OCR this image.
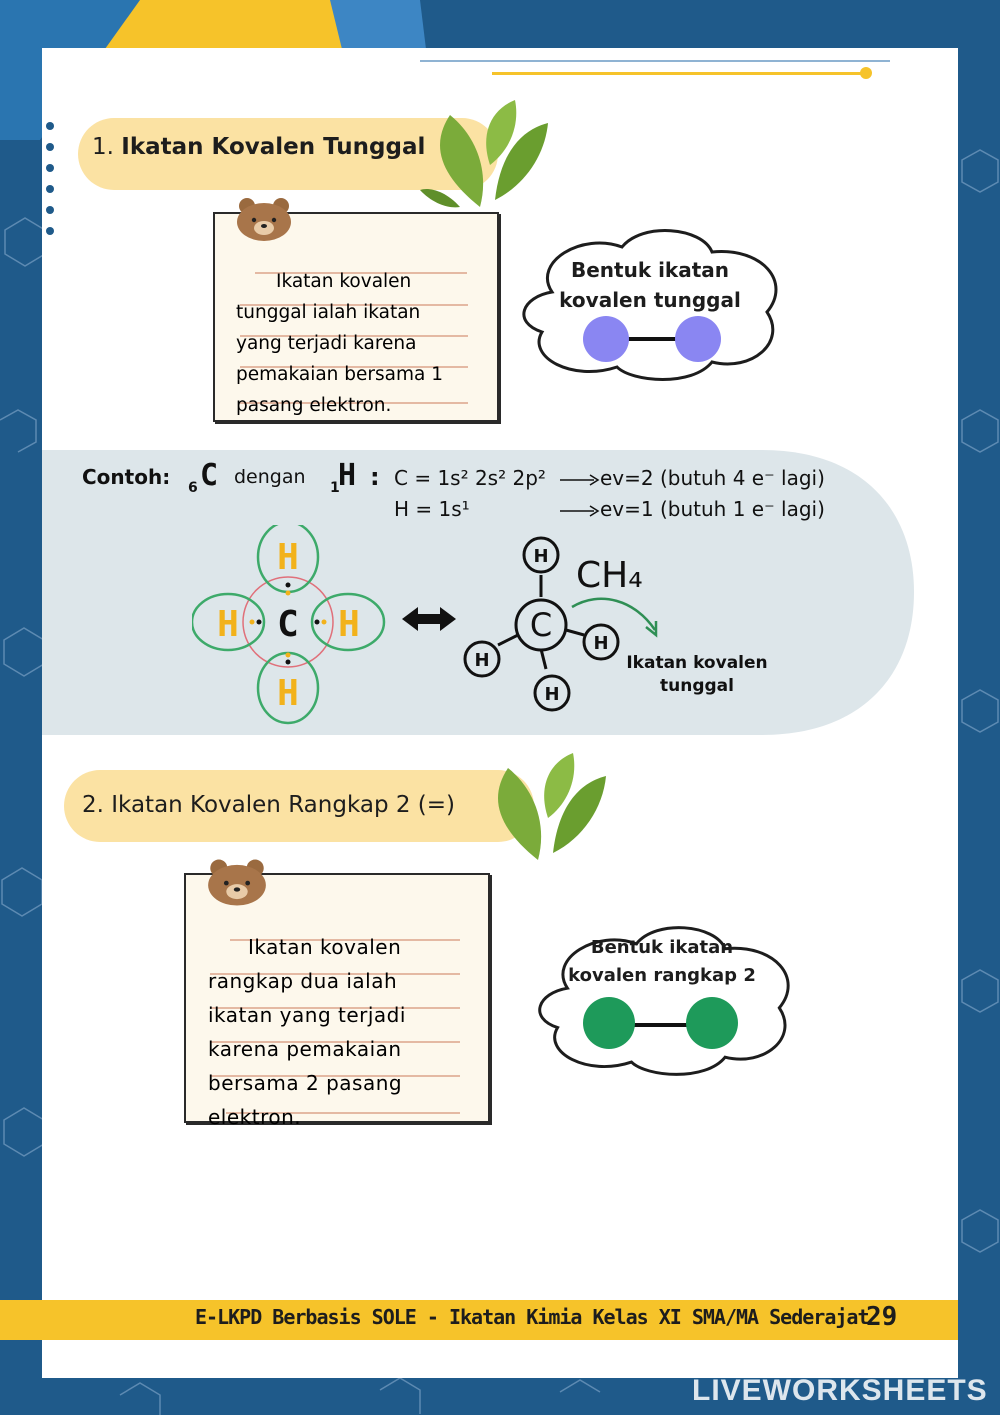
1. Ikatan Kovalen Tunggal

Ikatan kovalen tunggal ialah ikatan yang terjadi karena pemakaian bersama 1 pasang elektron.

Bentuk ikatan
kovalen tunggal
Contoh: 6 C dengan 1
H : C = 1s² 2s² 2p²	ev=2 (butuh 4 e⁻ lagi)
H = 1s¹	ev=1 (butuh 1 e⁻ lagi)
H
H
H	H
C	C
H
H
H
H
CH₄
Ikatan kovalen
tunggal
2. Ikatan Kovalen Rangkap 2 (=)

Ikatan kovalen rangkap dua ialah ikatan yang terjadi karena pemakaian bersama 2 pasang elektron.

Bentuk ikatan
kovalen rangkap 2
E-LKPD Berbasis SOLE - Ikatan Kimia Kelas XI SMA/MA Sederajat
29
LIVEWORKSHEETS
